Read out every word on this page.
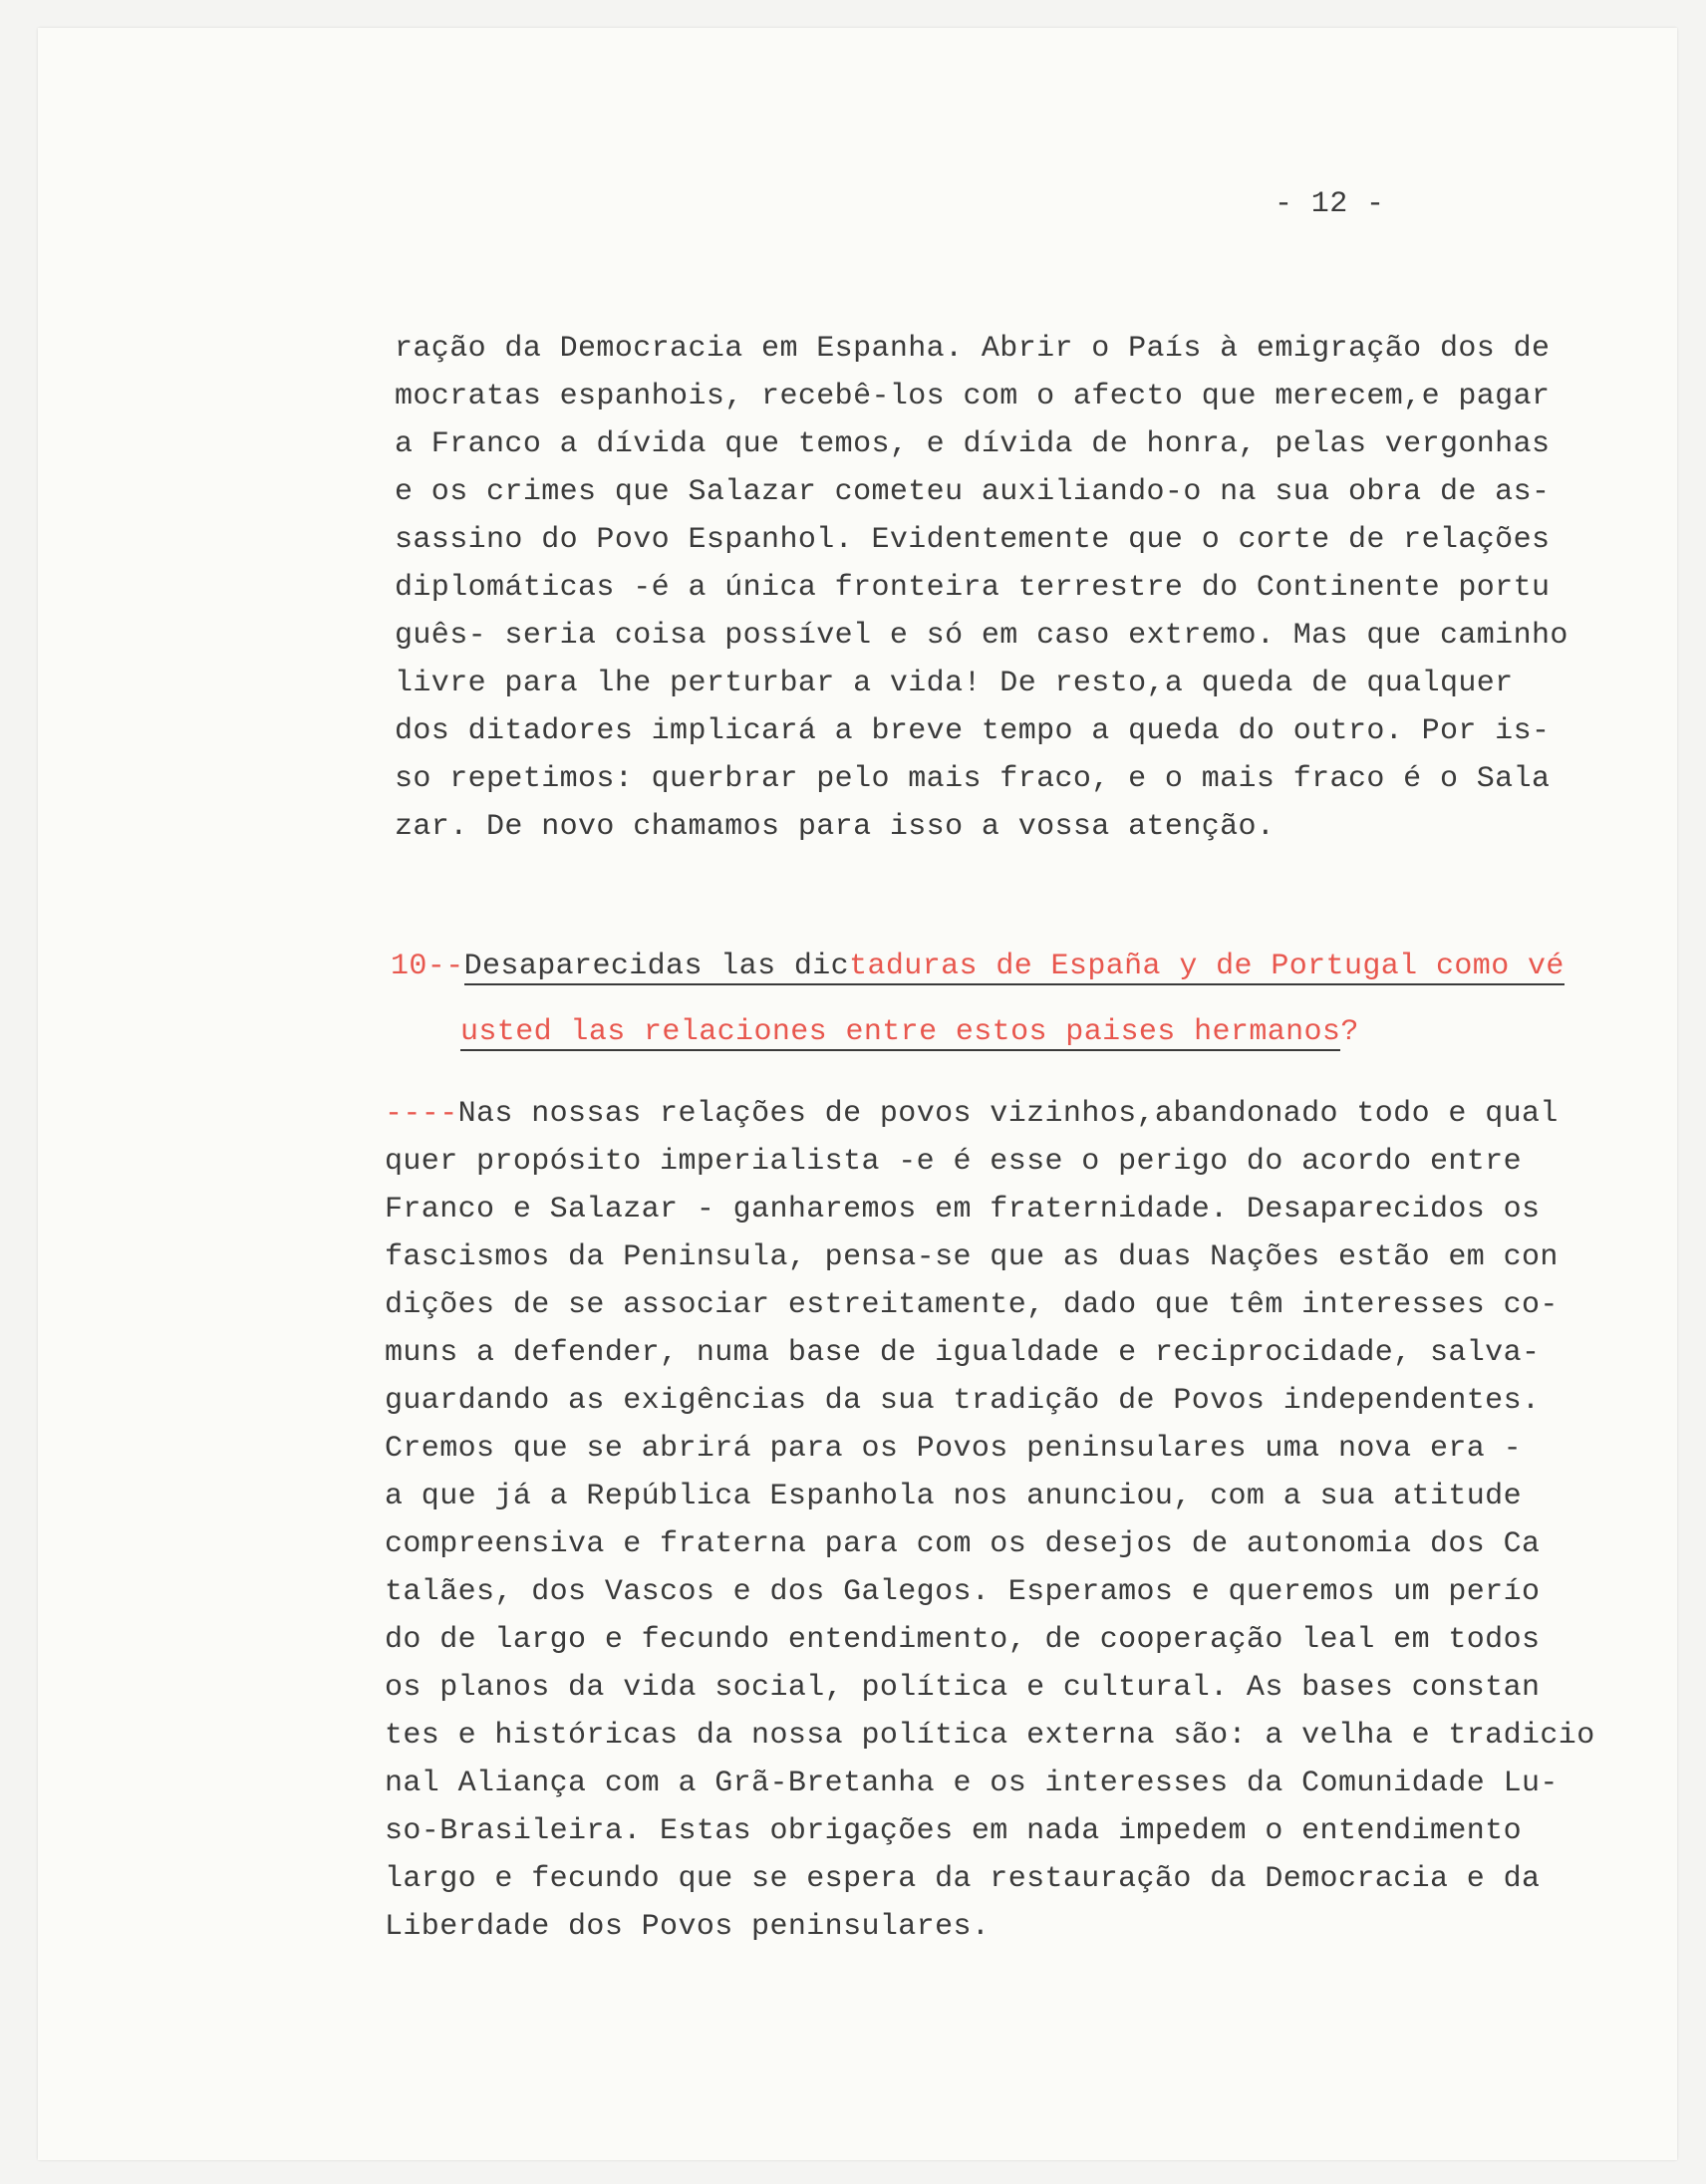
- 12 -
ração da Democracia em Espanha. Abrir o País à emigração dos de
mocratas espanhois, recebê-los com o afecto que merecem,e pagar
a Franco a dívida que temos, e dívida de honra, pelas vergonhas
e os crimes que Salazar cometeu auxiliando-o na sua obra de as-
sassino do Povo Espanhol. Evidentemente que o corte de relações
diplomáticas -é a única fronteira terrestre do Continente portu
guês- seria coisa possível e só em caso extremo. Mas que caminho
livre para lhe perturbar a vida! De resto,a queda de qualquer
dos ditadores implicará a breve tempo a queda do outro. Por is-
so repetimos: querbrar pelo mais fraco, e o mais fraco é o Sala
zar. De novo chamamos para isso a vossa atenção.
10--Desaparecidas las dictaduras de España y de Portugal como vé
usted las relaciones entre estos paises hermanos?
----Nas nossas relações de povos vizinhos,abandonado todo e qual
quer propósito imperialista -e é esse o perigo do acordo entre
Franco e Salazar - ganharemos em fraternidade. Desaparecidos os
fascismos da Peninsula, pensa-se que as duas Nações estão em con
dições de se associar estreitamente, dado que têm interesses co-
muns a defender, numa base de igualdade e reciprocidade, salva-
guardando as exigências da sua tradição de Povos independentes.
Cremos que se abrirá para os Povos peninsulares uma nova era -
a que já a República Espanhola nos anunciou, com a sua atitude
compreensiva e fraterna para com os desejos de autonomia dos Ca
talães, dos Vascos e dos Galegos. Esperamos e queremos um perío
do de largo e fecundo entendimento, de cooperação leal em todos
os planos da vida social, política e cultural. As bases constan
tes e históricas da nossa política externa são: a velha e tradicio
nal Aliança com a Grã-Bretanha e os interesses da Comunidade Lu-
so-Brasileira. Estas obrigações em nada impedem o entendimento
largo e fecundo que se espera da restauração da Democracia e da
Liberdade dos Povos peninsulares.
